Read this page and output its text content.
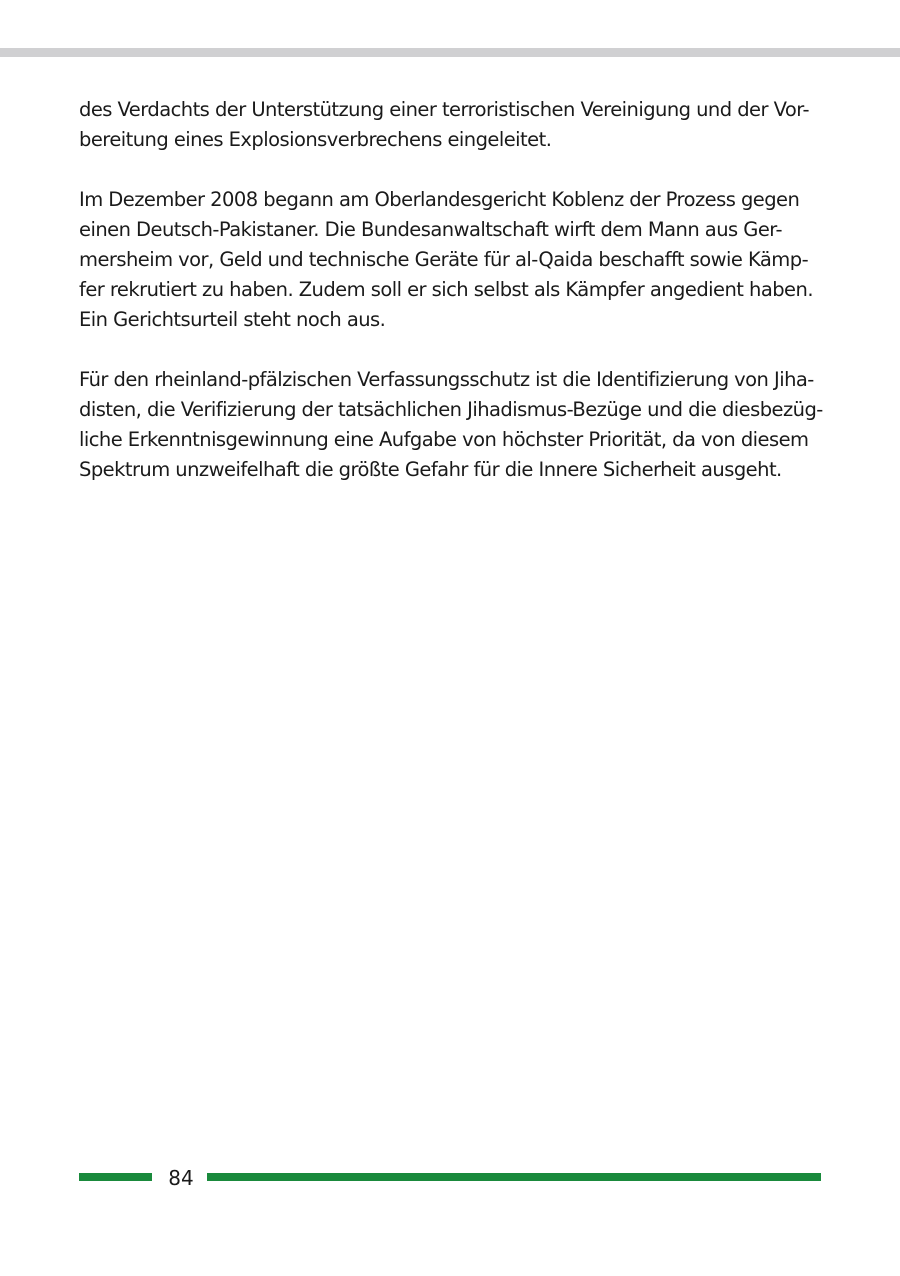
des Verdachts der Unterstützung einer terroristischen Vereinigung und der Vor-
bereitung eines Explosionsverbrechens eingeleitet.

Im Dezember 2008 begann am Oberlandesgericht Koblenz der Prozess gegen
einen Deutsch-Pakistaner. Die Bundesanwaltschaft wirft dem Mann aus Ger-
mersheim vor, Geld und technische Geräte für al-Qaida beschafft sowie Kämp-
fer rekrutiert zu haben. Zudem soll er sich selbst als Kämpfer angedient haben.
Ein Gerichtsurteil steht noch aus.

Für den rheinland-pfälzischen Verfassungsschutz ist die Identifizierung von Jiha-
disten, die Verifizierung der tatsächlichen Jihadismus-Bezüge und die diesbezüg-
liche Erkenntnisgewinnung eine Aufgabe von höchster Priorität, da von diesem
Spektrum unzweifelhaft die größte Gefahr für die Innere Sicherheit ausgeht.

84
